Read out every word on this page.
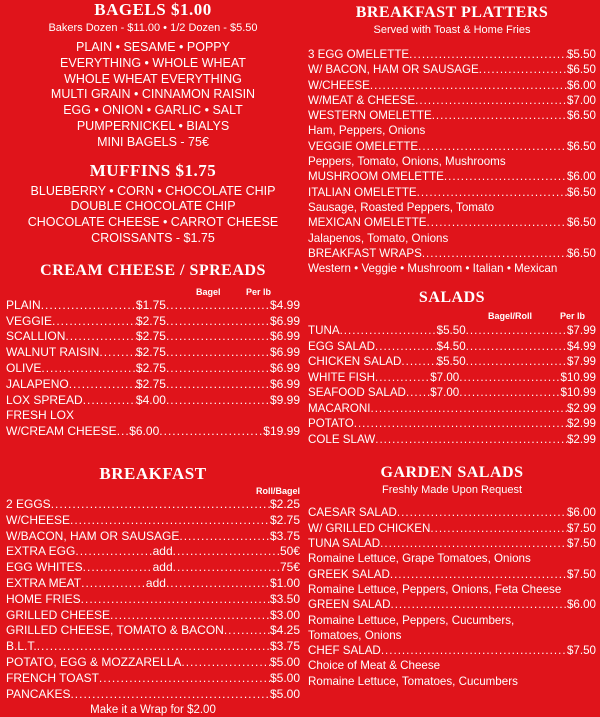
BAGELS $1.00
Bakers Dozen - $11.00 • 1/2 Dozen - $5.50
PLAIN • SESAME • POPPY
EVERYTHING • WHOLE WHEAT
WHOLE WHEAT EVERYTHING
MULTI GRAIN • CINNAMON RAISIN
EGG • ONION • GARLIC • SALT
PUMPERNICKEL • BIALYS
MINI BAGELS - 75€
MUFFINS $1.75
BLUEBERRY • CORN • CHOCOLATE CHIP
DOUBLE CHOCOLATE CHIP
CHOCOLATE CHEESE • CARROT CHEESE
CROISSANTS - $1.75
CREAM CHEESE / SPREADS
Bagel	Per lb
PLAIN .....	$1.75 .....	$4.99
VEGGIE .....	$2.75 .....	$6.99
SCALLION .....	$2.75 .....	$6.99
WALNUT RAISIN .....	$2.75 .....	$6.99
OLIVE .....	$2.75 .....	$6.99
JALAPENO .....	$2.75 .....	$6.99
LOX SPREAD .....	$4.00 .....	$9.99
FRESH LOX
W/CREAM CHEESE ..... $6.00 .....	$19.99
BREAKFAST
Roll/Bagel
2 EGGS .....	$2.25
W/CHEESE .....	$2.75
W/BACON, HAM OR SAUSAGE .....	$3.75
EXTRA EGG .....	add .....	.50€
EGG WHITES .....	add .....	.75€
EXTRA MEAT .....	add .....	$1.00
HOME FRIES .....	$3.50
GRILLED CHEESE .....	$3.00
GRILLED CHEESE, TOMATO & BACON .....	$4.25
B.L.T. .....	$3.75
POTATO, EGG & MOZZARELLA .....	$5.00
FRENCH TOAST .....	$5.00
PANCAKES .....	$5.00
Make it a Wrap for $2.00
BREAKFAST PLATTERS
Served with Toast & Home Fries
3 EGG OMELETTE .....	$5.50
W/ BACON, HAM OR SAUSAGE .....	$6.50
W/CHEESE .....	$6.00
W/MEAT & CHEESE .....	$7.00
WESTERN OMELETTE .....	$6.50
Ham, Peppers, Onions
VEGGIE OMELETTE .....	$6.50
Peppers, Tomato, Onions, Mushrooms
MUSHROOM OMELETTE .....	$6.00
ITALIAN OMELETTE .....	$6.50
Sausage, Roasted Peppers, Tomato
MEXICAN OMELETTE .....	$6.50
Jalapenos, Tomato, Onions
BREAKFAST WRAPS .....	$6.50
Western • Veggie • Mushroom • Italian • Mexican
SALADS
Bagel/Roll	Per lb
TUNA .....	$5.50 .....	$7.99
EGG SALAD .....	$4.50 .....	$4.99
CHICKEN SALAD .....	$5.50 .....	$7.99
WHITE FISH .....	$7.00 .....	$10.99
SEAFOOD SALAD ..... $7.00 .....	$10.99
MACARONI .....	$2.99
POTATO .....	$2.99
COLE SLAW .....	$2.99
GARDEN SALADS
Freshly Made Upon Request
CAESAR SALAD .....	$6.00
W/ GRILLED CHICKEN .....	$7.50
TUNA SALAD .....	$7.50
Romaine Lettuce, Grape Tomatoes, Onions
GREEK SALAD .....	$7.50
Romaine Lettuce, Peppers, Onions, Feta Cheese
GREEN SALAD .....	$6.00
Romaine Lettuce, Peppers, Cucumbers, Tomatoes, Onions
CHEF SALAD .....	$7.50
Choice of Meat & Cheese
Romaine Lettuce, Tomatoes, Cucumbers
